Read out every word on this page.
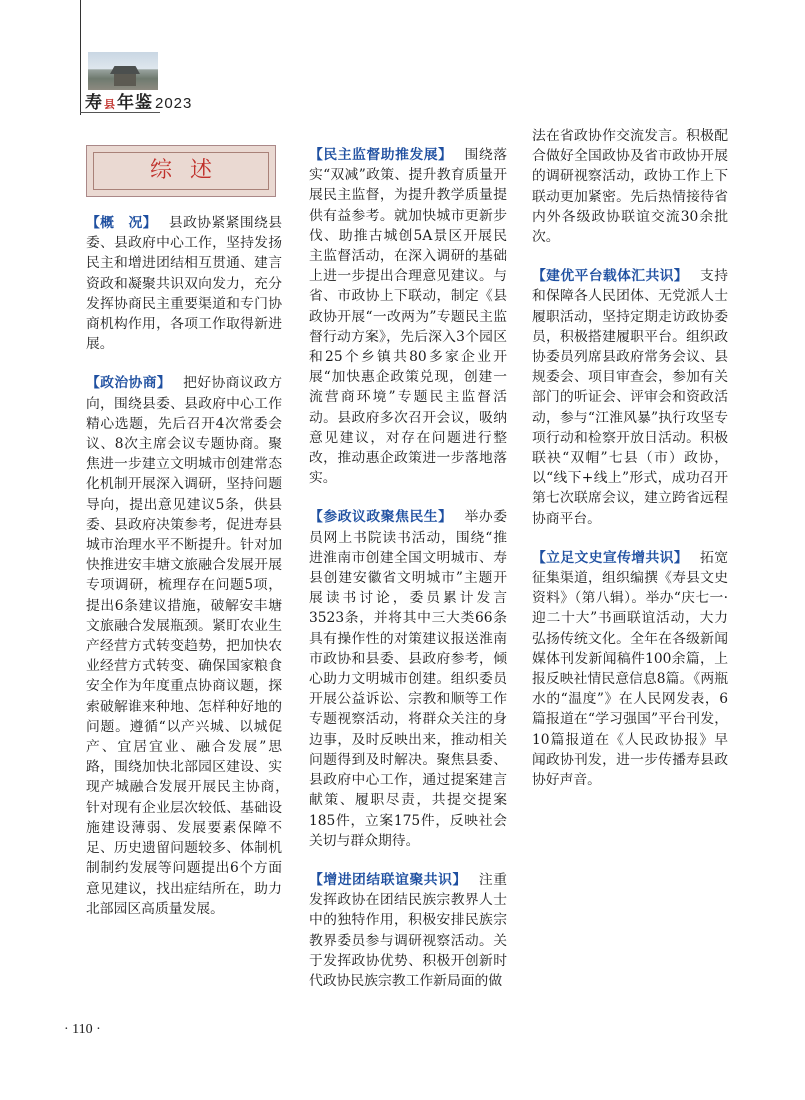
寿县年鉴 2023
综述

【概　况】 县政协紧紧围绕县委、县政府中心工作，坚持发扬民主和增进团结相互贯通、建言资政和凝聚共识双向发力，充分发挥协商民主重要渠道和专门协商机构作用，各项工作取得新进展。

【政治协商】 把好协商议政方向，围绕县委、县政府中心工作精心选题，先后召开4次常委会议、8次主席会议专题协商。聚焦进一步建立文明城市创建常态化机制开展深入调研，坚持问题导向，提出意见建议5条，供县委、县政府决策参考，促进寿县城市治理水平不断提升。针对加快推进安丰塘文旅融合发展开展专项调研，梳理存在问题5项，提出6条建议措施，破解安丰塘文旅融合发展瓶颈。紧盯农业生产经营方式转变趋势，把加快农业经营方式转变、确保国家粮食安全作为年度重点协商议题，探索破解谁来种地、怎样种好地的问题。遵循“以产兴城、以城促产、宜居宜业、融合发展”思路，围绕加快北部园区建设、实现产城融合发展开展民主协商，　针对现有企业层次较低、基础设施建设薄弱、发展要素保障不足、历史遗留问题较多、体制机制制约发展等问题提出6个方面意见建议，找出症结所在，助力北部园区高质量发展。

【民主监督助推发展】 围绕落实“双减”政策、提升教育质量开展民主监督，为提升教学质量提供有益参考。就加快城市更新步伐、助推古城创5A景区开展民主监督活动，在深入调研的基础上进一步提出合理意见建议。与省、市政协上下联动，制定《县政协开展“一改两为”专题民主监督行动方案》，先后深入3个园区和25个乡镇共80多家企业开展“加快惠企政策兑现，创建一流营商环境”专题民主监督活动。县政府多次召开会议，吸纳意见建议，对存在问题进行整改，推动惠企政策进一步落地落实。

【参政议政聚焦民生】 举办委员网上书院读书活动，围绕“推进淮南市创建全国文明城市、寿县创建安徽省文明城市”主题开展读书讨论，委员累计发言3523条，并将其中三大类66条具有操作性的对策建议报送淮南市政协和县委、县政府参考，倾心助力文明城市创建。组织委员开展公益诉讼、宗教和顺等工作专题视察活动，将群众关注的身边事，及时反映出来，推动相关问题得到及时解决。聚焦县委、县政府中心工作，通过提案建言献策、履职尽责，共提交提案185件，立案175件，反映社会关切与群众期待。

【增进团结联谊聚共识】 注重发挥政协在团结民族宗教界人士中的独特作用，积极安排民族宗教界委员参与调研视察活动。关于发挥政协优势、积极开创新时代政协民族宗教工作新局面的做

法在省政协作交流发言。积极配合做好全国政协及省市政协开展的调研视察活动，政协工作上下联动更加紧密。先后热情接待省内外各级政协联谊交流30余批次。

【建优平台载体汇共识】 支持和保障各人民团体、无党派人士履职活动，坚持定期走访政协委员，积极搭建履职平台。组织政协委员列席县政府常务会议、县规委会、项目审查会，参加有关部门的听证会、评审会和资政活动，参与“江淮风暴”执行攻坚专项行动和检察开放日活动。积极联袂“双帽”七县（市）政协，以“线下+线上”形式，成功召开第七次联席会议，建立跨省远程协商平台。

【立足文史宣传增共识】 拓宽征集渠道，组织编撰《寿县文史资料》（第八辑）。举办“庆七一·迎二十大”书画联谊活动，大力弘扬传统文化。全年在各级新闻媒体刊发新闻稿件100余篇，上报反映社情民意信息8篇。《两瓶水的“温度”》在人民网发表，6篇报道在“学习强国”平台刊发，10篇报道在《人民政协报》早闻政协刊发，进一步传播寿县政协好声音。

· 110 ·
